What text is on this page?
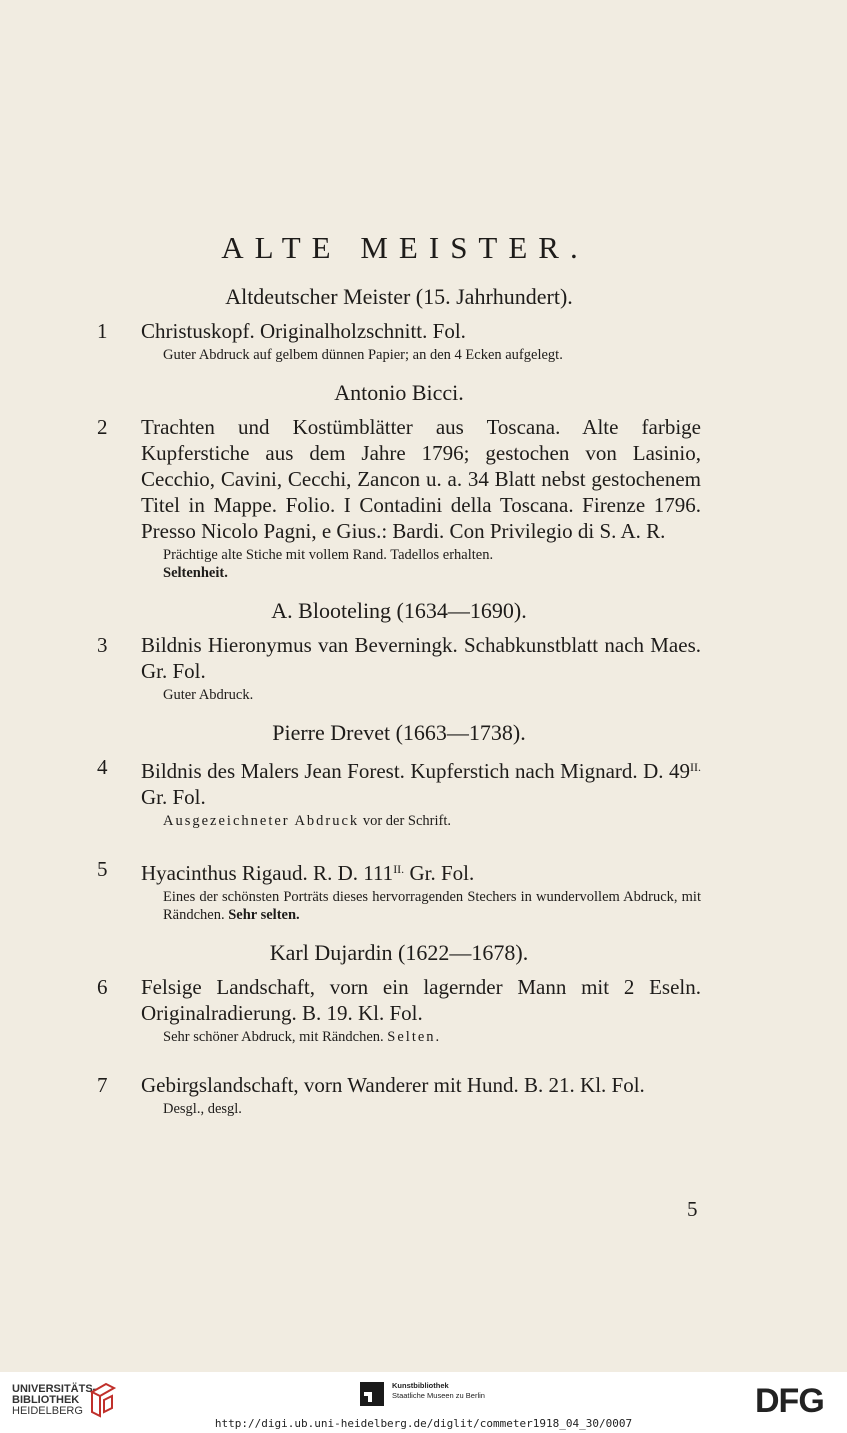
ALTE MEISTER.
Altdeutscher Meister (15. Jahrhundert).
1	Christuskopf. Originalholzschnitt. Fol.
Guter Abdruck auf gelbem dünnen Papier; an den 4 Ecken aufgelegt.
Antonio Bicci.
2	Trachten und Kostümblätter aus Toscana. Alte farbige Kupferstiche aus dem Jahre 1796; gestochen von Lasinio, Cecchio, Cavini, Cecchi, Zancon u. a. 34 Blatt nebst gestochenem Titel in Mappe. Folio. I Contadini della Toscana. Firenze 1796. Presso Nicolo Pagni, e Gius.: Bardi. Con Privilegio di S. A. R.
Prächtige alte Stiche mit vollem Rand. Tadellos erhalten.
Seltenheit.
A. Blooteling (1634—1690).
3	Bildnis Hieronymus van Beverningk. Schabkunstblatt nach Maes. Gr. Fol.
Guter Abdruck.
Pierre Drevet (1663—1738).
4	Bildnis des Malers Jean Forest. Kupferstich nach Mignard. D. $49^{II.}$ Gr. Fol.
Ausgezeichneter Abdruck vor der Schrift.
5	Hyacinthus Rigaud. R. D. $111^{II.}$ Gr. Fol.
Eines der schönsten Porträts dieses hervorragenden Stechers in wundervollem Abdruck, mit Rändchen. Sehr selten.
Karl Dujardin (1622—1678).
6	Felsige Landschaft, vorn ein lagernder Mann mit 2 Eseln. Originalradierung. B. 19. Kl. Fol.
Sehr schöner Abdruck, mit Rändchen. Selten.
7	Gebirgslandschaft, vorn Wanderer mit Hund. B. 21. Kl. Fol.
Desgl., desgl.
5
UNIVERSITÄTS-
BIBLIOTHEK
HEIDELBERG
Kunstbibliothek
Staatliche Museen zu Berlin	DFG
http://digi.ub.uni-heidelberg.de/diglit/commeter1918_04_30/0007
